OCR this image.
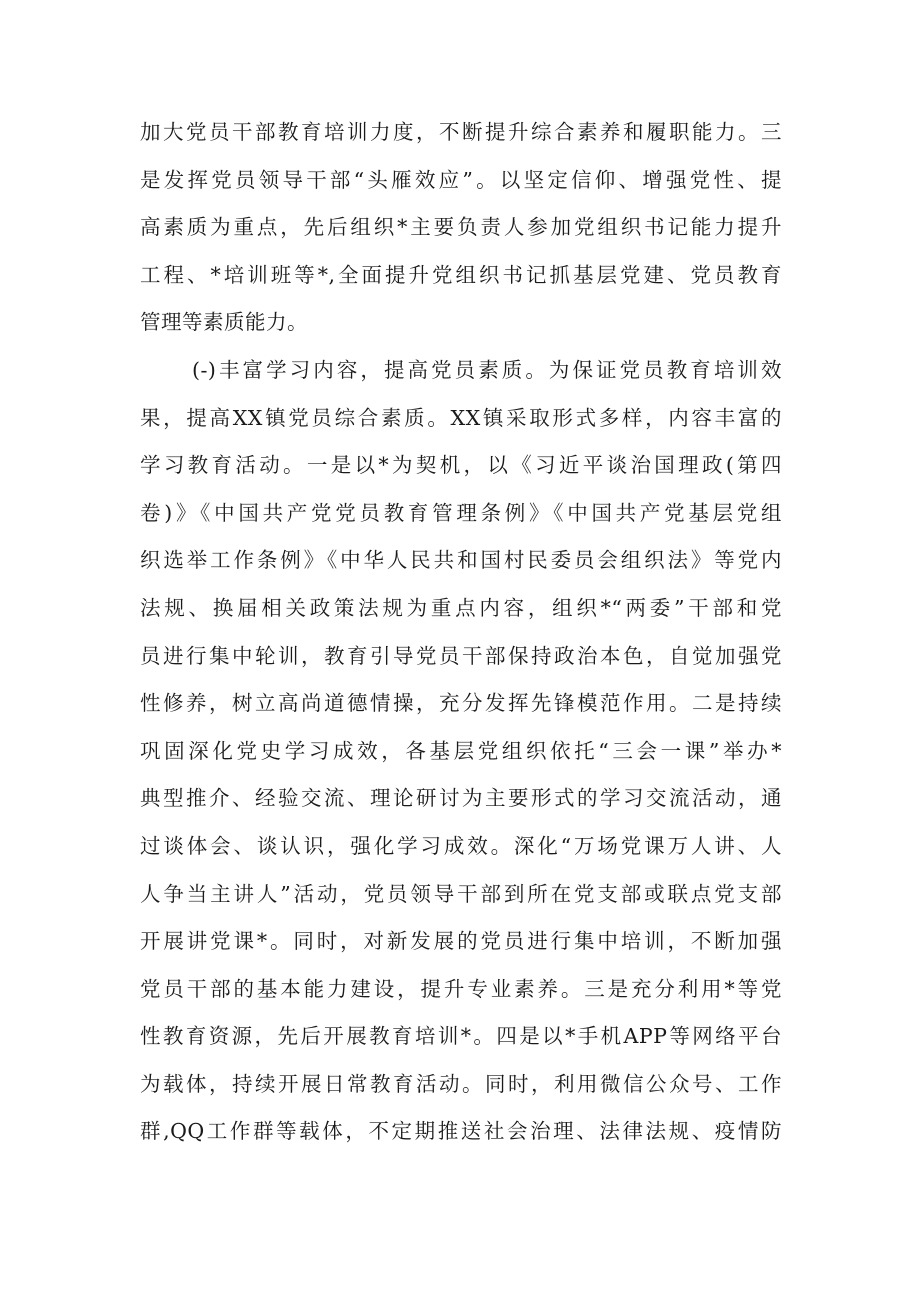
加大党员干部教育培训力度，不断提升综合素养和履职能力。三
是发挥党员领导干部“头雁效应”。以坚定信仰、增强党性、提
高素质为重点，先后组织*主要负责人参加党组织书记能力提升
工程、*培训班等*,全面提升党组织书记抓基层党建、党员教育
管理等素质能力。
(-)丰富学习内容，提高党员素质。为保证党员教育培训效
果，提高XX镇党员综合素质。XX镇采取形式多样，内容丰富的
学习教育活动。一是以*为契机，以《习近平谈治国理政(第四
卷)》《中国共产党党员教育管理条例》《中国共产党基层党组
织选举工作条例》《中华人民共和国村民委员会组织法》等党内
法规、换届相关政策法规为重点内容，组织*“两委”干部和党
员进行集中轮训，教育引导党员干部保持政治本色，自觉加强党
性修养，树立高尚道德情操，充分发挥先锋模范作用。二是持续
巩固深化党史学习成效，各基层党组织依托“三会一课”举办*
典型推介、经验交流、理论研讨为主要形式的学习交流活动，通
过谈体会、谈认识，强化学习成效。深化“万场党课万人讲、人
人争当主讲人”活动，党员领导干部到所在党支部或联点党支部
开展讲党课*。同时，对新发展的党员进行集中培训，不断加强
党员干部的基本能力建设，提升专业素养。三是充分利用*等党
性教育资源，先后开展教育培训*。四是以*手机APP等网络平台
为载体，持续开展日常教育活动。同时，利用微信公众号、工作
群,QQ工作群等载体，不定期推送社会治理、法律法规、疫情防
